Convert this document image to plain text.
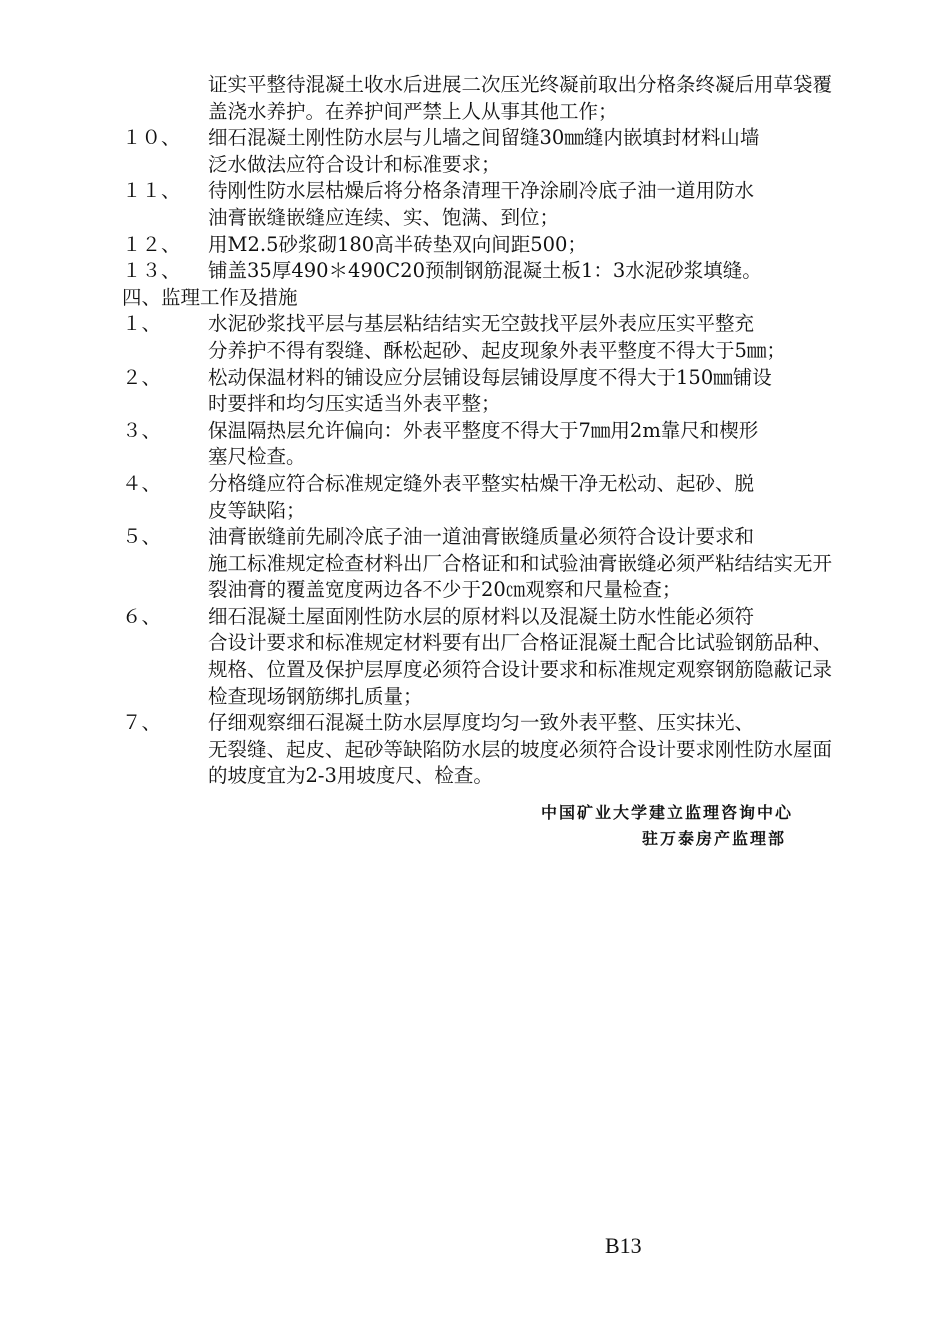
证实平整待混凝土收水后进展二次压光终凝前取出分格条终凝后用草袋覆
盖浇水养护。在养护间严禁上人从事其他工作；
１０、 细石混凝土刚性防水层与儿墙之间留缝30㎜缝内嵌填封材料山墙
泛水做法应符合设计和标准要求；
１１、 待刚性防水层枯燥后将分格条清理干净涂刷冷底子油一道用防水
油膏嵌缝嵌缝应连续、实、饱满、到位；
１２、 用M2.5砂浆砌180高半砖垫双向间距500；
１３、 铺盖35厚490＊490C20预制钢筋混凝土板1：3水泥砂浆填缝。
四、监理工作及措施
１、 水泥砂浆找平层与基层粘结结实无空鼓找平层外表应压实平整充
分养护不得有裂缝、酥松起砂、起皮现象外表平整度不得大于5㎜；
２、 松动保温材料的铺设应分层铺设每层铺设厚度不得大于150㎜铺设
时要拌和均匀压实适当外表平整；
３、 保温隔热层允许偏向：外表平整度不得大于7㎜用2m靠尺和楔形
塞尺检查。
４、 分格缝应符合标准规定缝外表平整实枯燥干净无松动、起砂、脱
皮等缺陷；
５、 油膏嵌缝前先刷冷底子油一道油膏嵌缝质量必须符合设计要求和
施工标准规定检查材料出厂合格证和和试验油膏嵌缝必须严粘结结实无开
裂油膏的覆盖宽度两边各不少于20㎝观察和尺量检查；
６、 细石混凝土屋面刚性防水层的原材料以及混凝土防水性能必须符
合设计要求和标准规定材料要有出厂合格证混凝土配合比试验钢筋品种、
规格、位置及保护层厚度必须符合设计要求和标准规定观察钢筋隐蔽记录
检查现场钢筋绑扎质量；
７、 仔细观察细石混凝土防水层厚度均匀一致外表平整、压实抹光、
无裂缝、起皮、起砂等缺陷防水层的坡度必须符合设计要求刚性防水屋面
的坡度宜为2-3用坡度尺、检查。
中国矿业大学建立监理咨询中心
驻万泰房产监理部
B13
